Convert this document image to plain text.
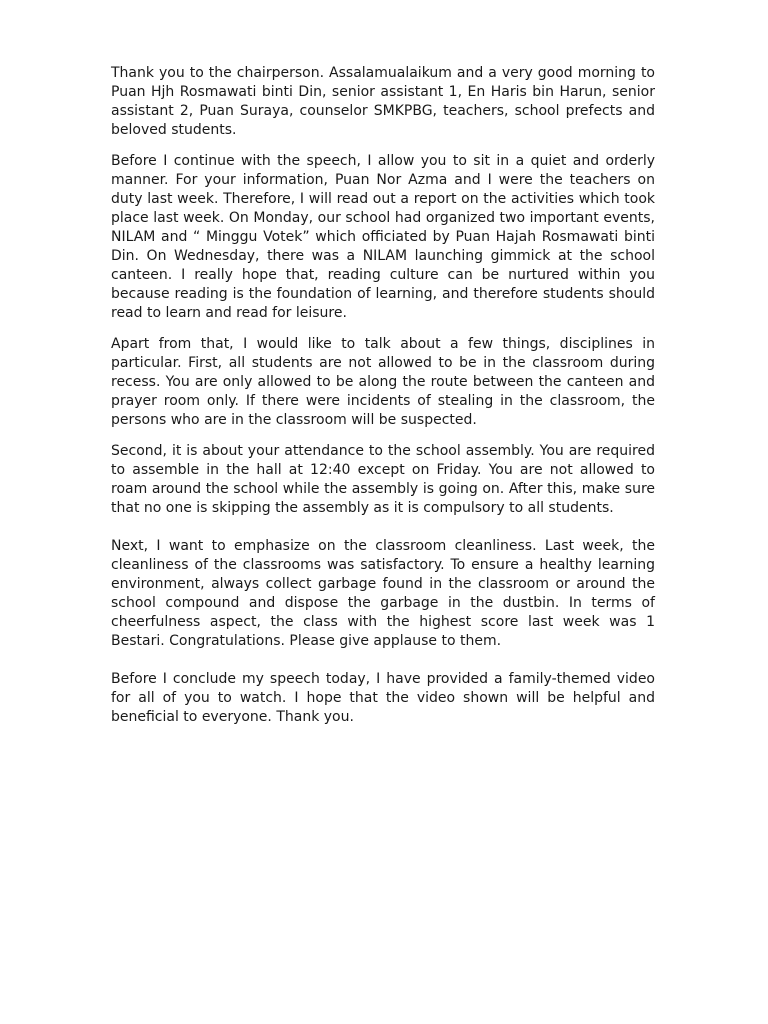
Thank you to the chairperson. Assalamualaikum and a very good morning to Puan Hjh Rosmawati binti Din, senior assistant 1, En Haris bin Harun, senior assistant 2, Puan Suraya, counselor SMKPBG, teachers, school prefects and beloved students.

Before I continue with the speech, I allow you to sit in a quiet and orderly manner. For your information, Puan Nor Azma and I were the teachers on duty last week. Therefore, I will read out a report on the activities which took place last week. On Monday, our school had organized two important events, NILAM and “ Minggu Votek” which officiated by Puan Hajah Rosmawati binti Din. On Wednesday, there was a NILAM launching gimmick at the school canteen. I really hope that, reading culture can be nurtured within you because reading is the foundation of learning, and therefore students should read to learn and read for leisure.

Apart from that, I would like to talk about a few things, disciplines in particular. First, all students are not allowed to be in the classroom during recess. You are only allowed to be along the route between the canteen and prayer room only. If there were incidents of stealing in the classroom, the persons who are in the classroom will be suspected.

Second, it is about your attendance to the school assembly. You are required to assemble in the hall at 12:40 except on Friday. You are not allowed to roam around the school while the assembly is going on. After this, make sure that no one is skipping the assembly as it is compulsory to all students.

Next, I want to emphasize on the classroom cleanliness. Last week, the cleanliness of the classrooms was satisfactory. To ensure a healthy learning environment, always collect garbage found in the classroom or around the school compound and dispose the garbage in the dustbin. In terms of cheerfulness aspect, the class with the highest score last week was 1 Bestari. Congratulations. Please give applause to them.

Before I conclude my speech today, I have provided a family-themed video for all of you to watch. I hope that the video shown will be helpful and beneficial to everyone. Thank you.
